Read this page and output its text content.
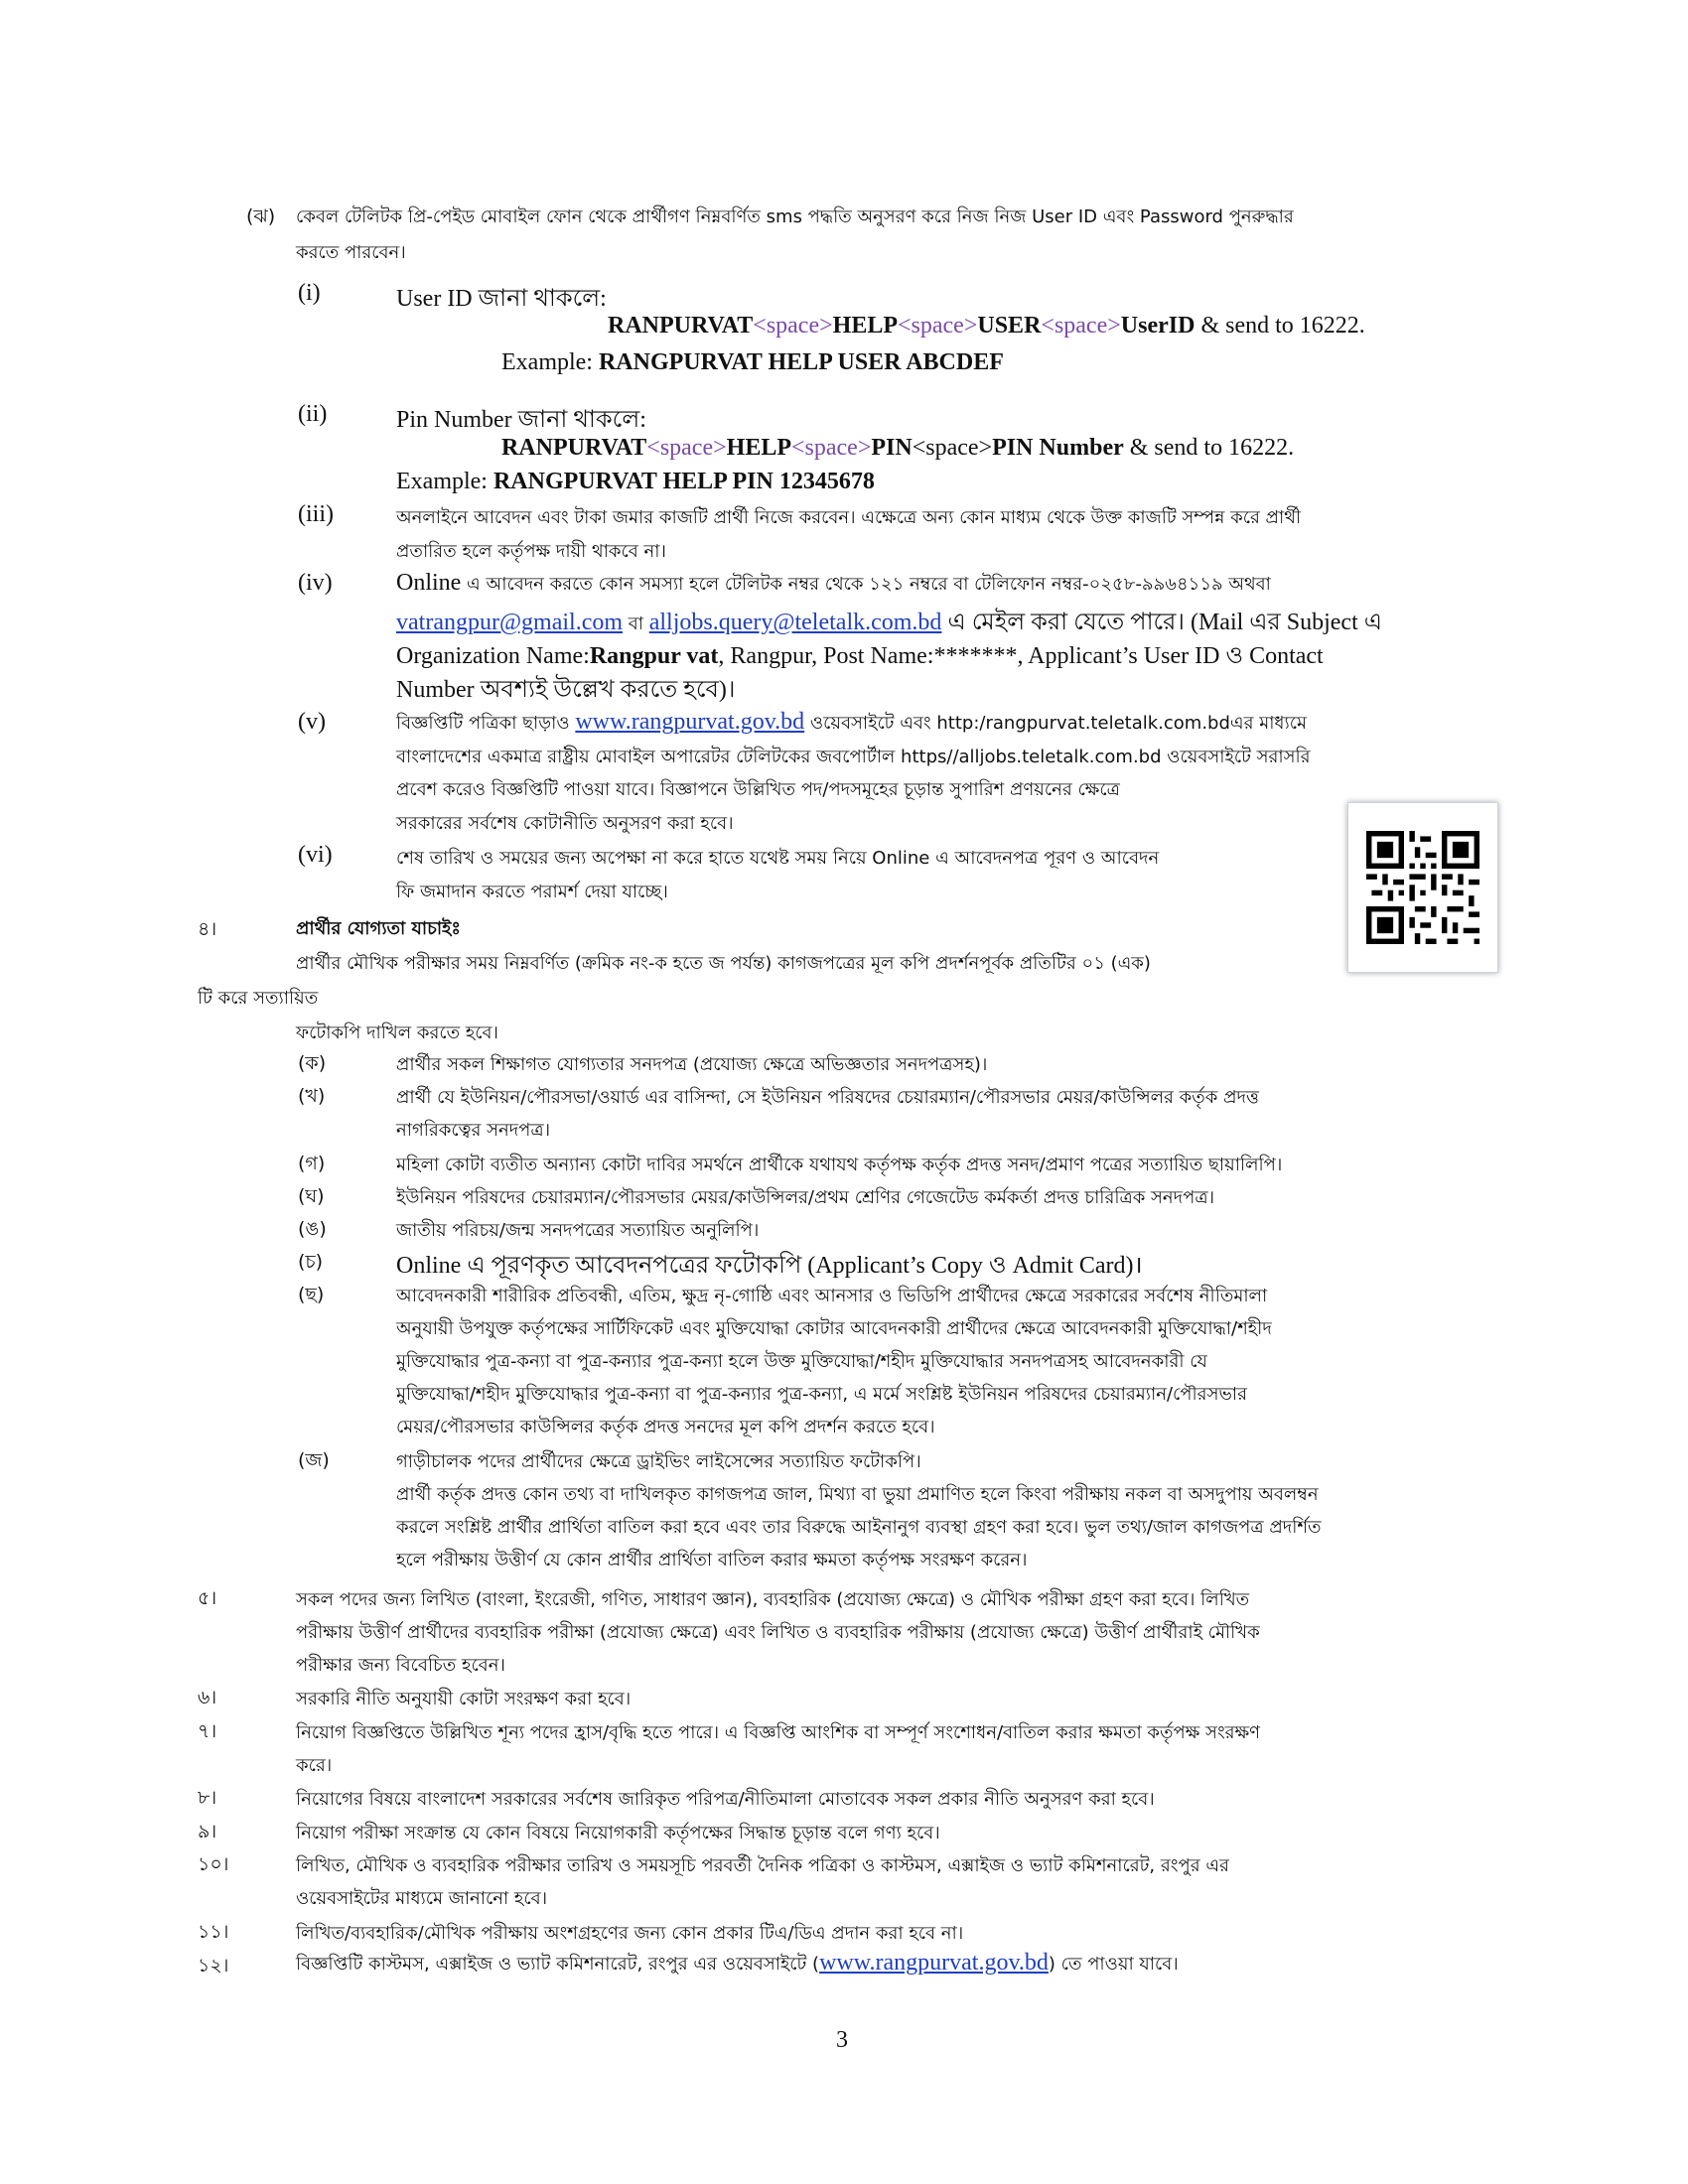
(ঝ) কেবল টেলিটক প্রি-পেইড মোবাইল ফোন থেকে প্রার্থীগণ নিম্নবর্ণিত sms পদ্ধতি অনুসরণ করে নিজ নিজ User ID এবং Password পুনরুদ্ধার
করতে পারবেন।
(i)	User ID জানা থাকলে:
RANPURVAT<space>HELP<space>USER<space>UserID & send to 16222.
Example: RANGPURVAT HELP USER ABCDEF
(ii)	Pin Number জানা থাকলে:
RANPURVAT<space>HELP<space>PIN<space>PIN Number & send to 16222.
Example: RANGPURVAT HELP PIN 12345678
(iii)	অনলাইনে আবেদন এবং টাকা জমার কাজটি প্রার্থী নিজে করবেন। এক্ষেত্রে অন্য কোন মাধ্যম থেকে উক্ত কাজটি সম্পন্ন করে প্রার্থী
প্রতারিত হলে কর্তৃপক্ষ দায়ী থাকবে না।
(iv)	Online এ আবেদন করতে কোন সমস্যা হলে টেলিটক নম্বর থেকে ১২১ নম্বরে বা টেলিফোন নম্বর-০২৫৮-৯৯৬৪১১৯ অথবা
vatrangpur@gmail.com বা alljobs.query@teletalk.com.bd এ মেইল করা যেতে পারে। (Mail এর Subject এ
Organization Name:Rangpur vat, Rangpur, Post Name:*******, Applicant’s User ID ও Contact
Number অবশ্যই উল্লেখ করতে হবে)।
(v)	বিজ্ঞপ্তিটি পত্রিকা ছাড়াও www.rangpurvat.gov.bd ওয়েবসাইটে এবং http:/rangpurvat.teletalk.com.bdএর মাধ্যমে
বাংলাদেশের একমাত্র রাষ্ট্রীয় মোবাইল অপারেটর টেলিটকের জবপোর্টাল https//alljobs.teletalk.com.bd ওয়েবসাইটে সরাসরি
প্রবেশ করেও বিজ্ঞপ্তিটি পাওয়া যাবে। বিজ্ঞাপনে উল্লিখিত পদ/পদসমূহের চূড়ান্ত সুপারিশ প্রণয়নের ক্ষেত্রে
সরকারের সর্বশেষ কোটানীতি অনুসরণ করা হবে।
(vi)	শেষ তারিখ ও সময়ের জন্য অপেক্ষা না করে হাতে যথেষ্ট সময় নিয়ে Online এ আবেদনপত্র পূরণ ও আবেদন
ফি জমাদান করতে পরামর্শ দেয়া যাচ্ছে।
৪।	প্রার্থীর যোগ্যতা যাচাইঃ
প্রার্থীর মৌখিক পরীক্ষার সময় নিম্নবর্ণিত (ক্রমিক নং-ক হতে জ পর্যন্ত) কাগজপত্রের মূল কপি প্রদর্শনপূর্বক প্রতিটির ০১ (এক)
টি করে সত্যায়িত
ফটোকপি দাখিল করতে হবে।
(ক)	প্রার্থীর সকল শিক্ষাগত যোগ্যতার সনদপত্র (প্রযোজ্য ক্ষেত্রে অভিজ্ঞতার সনদপত্রসহ)।
(খ)	প্রার্থী যে ইউনিয়ন/পৌরসভা/ওয়ার্ড এর বাসিন্দা, সে ইউনিয়ন পরিষদের চেয়ারম্যান/পৌরসভার মেয়র/কাউন্সিলর কর্তৃক প্রদত্ত
নাগরিকত্বের সনদপত্র।
(গ)	মহিলা কোটা ব্যতীত অন্যান্য কোটা দাবির সমর্থনে প্রার্থীকে যথাযথ কর্তৃপক্ষ কর্তৃক প্রদত্ত সনদ/প্রমাণ পত্রের সত্যায়িত ছায়ালিপি।
(ঘ)	ইউনিয়ন পরিষদের চেয়ারম্যান/পৌরসভার মেয়র/কাউন্সিলর/প্রথম শ্রেণির গেজেটেড কর্মকর্তা প্রদত্ত চারিত্রিক সনদপত্র।
(ঙ)	জাতীয় পরিচয়/জন্ম সনদপত্রের সত্যায়িত অনুলিপি।
(চ)	Online এ পূরণকৃত আবেদনপত্রের ফটোকপি (Applicant’s Copy ও Admit Card)।
(ছ)	আবেদনকারী শারীরিক প্রতিবন্ধী, এতিম, ক্ষুদ্র নৃ-গোষ্ঠি এবং আনসার ও ভিডিপি প্রার্থীদের ক্ষেত্রে সরকারের সর্বশেষ নীতিমালা
অনুযায়ী উপযুক্ত কর্তৃপক্ষের সার্টিফিকেট এবং মুক্তিযোদ্ধা কোটার আবেদনকারী প্রার্থীদের ক্ষেত্রে আবেদনকারী মুক্তিযোদ্ধা/শহীদ
মুক্তিযোদ্ধার পুত্র-কন্যা বা পুত্র-কন্যার পুত্র-কন্যা হলে উক্ত মুক্তিযোদ্ধা/শহীদ মুক্তিযোদ্ধার সনদপত্রসহ আবেদনকারী যে
মুক্তিযোদ্ধা/শহীদ মুক্তিযোদ্ধার পুত্র-কন্যা বা পুত্র-কন্যার পুত্র-কন্যা, এ মর্মে সংশ্লিষ্ট ইউনিয়ন পরিষদের চেয়ারম্যান/পৌরসভার
মেয়র/পৌরসভার কাউন্সিলর কর্তৃক প্রদত্ত সনদের মূল কপি প্রদর্শন করতে হবে।
(জ)	গাড়ীচালক পদের প্রার্থীদের ক্ষেত্রে ড্রাইভিং লাইসেন্সের সত্যায়িত ফটোকপি।
প্রার্থী কর্তৃক প্রদত্ত কোন তথ্য বা দাখিলকৃত কাগজপত্র জাল, মিথ্যা বা ভুয়া প্রমাণিত হলে কিংবা পরীক্ষায় নকল বা অসদুপায় অবলম্বন
করলে সংশ্লিষ্ট প্রার্থীর প্রার্থিতা বাতিল করা হবে এবং তার বিরুদ্ধে আইনানুগ ব্যবস্থা গ্রহণ করা হবে। ভুল তথ্য/জাল কাগজপত্র প্রদর্শিত
হলে পরীক্ষায় উত্তীর্ণ যে কোন প্রার্থীর প্রার্থিতা বাতিল করার ক্ষমতা কর্তৃপক্ষ সংরক্ষণ করেন।
৫।	সকল পদের জন্য লিখিত (বাংলা, ইংরেজী, গণিত, সাধারণ জ্ঞান), ব্যবহারিক (প্রযোজ্য ক্ষেত্রে) ও মৌখিক পরীক্ষা গ্রহণ করা হবে। লিখিত
পরীক্ষায় উত্তীর্ণ প্রার্থীদের ব্যবহারিক পরীক্ষা (প্রযোজ্য ক্ষেত্রে) এবং লিখিত ও ব্যবহারিক পরীক্ষায় (প্রযোজ্য ক্ষেত্রে) উত্তীর্ণ প্রার্থীরাই মৌখিক
পরীক্ষার জন্য বিবেচিত হবেন।
৬।	সরকারি নীতি অনুযায়ী কোটা সংরক্ষণ করা হবে।
৭।	নিয়োগ বিজ্ঞপ্তিতে উল্লিখিত শূন্য পদের হ্রাস/বৃদ্ধি হতে পারে। এ বিজ্ঞপ্তি আংশিক বা সম্পূর্ণ সংশোধন/বাতিল করার ক্ষমতা কর্তৃপক্ষ সংরক্ষণ
করে।
৮।	নিয়োগের বিষয়ে বাংলাদেশ সরকারের সর্বশেষ জারিকৃত পরিপত্র/নীতিমালা মোতাবেক সকল প্রকার নীতি অনুসরণ করা হবে।
৯।	নিয়োগ পরীক্ষা সংক্রান্ত যে কোন বিষয়ে নিয়োগকারী কর্তৃপক্ষের সিদ্ধান্ত চূড়ান্ত বলে গণ্য হবে।
১০।	লিখিত, মৌখিক ও ব্যবহারিক পরীক্ষার তারিখ ও সময়সূচি পরবর্তী দৈনিক পত্রিকা ও কাস্টমস, এক্সাইজ ও ভ্যাট কমিশনারেট, রংপুর এর
ওয়েবসাইটের মাধ্যমে জানানো হবে।
১১।	লিখিত/ব্যবহারিক/মৌখিক পরীক্ষায় অংশগ্রহণের জন্য কোন প্রকার টিএ/ডিএ প্রদান করা হবে না।
১২।	বিজ্ঞপ্তিটি কাস্টমস, এক্সাইজ ও ভ্যাট কমিশনারেট, রংপুর এর ওয়েবসাইটে (www.rangpurvat.gov.bd) তে পাওয়া যাবে।
3
